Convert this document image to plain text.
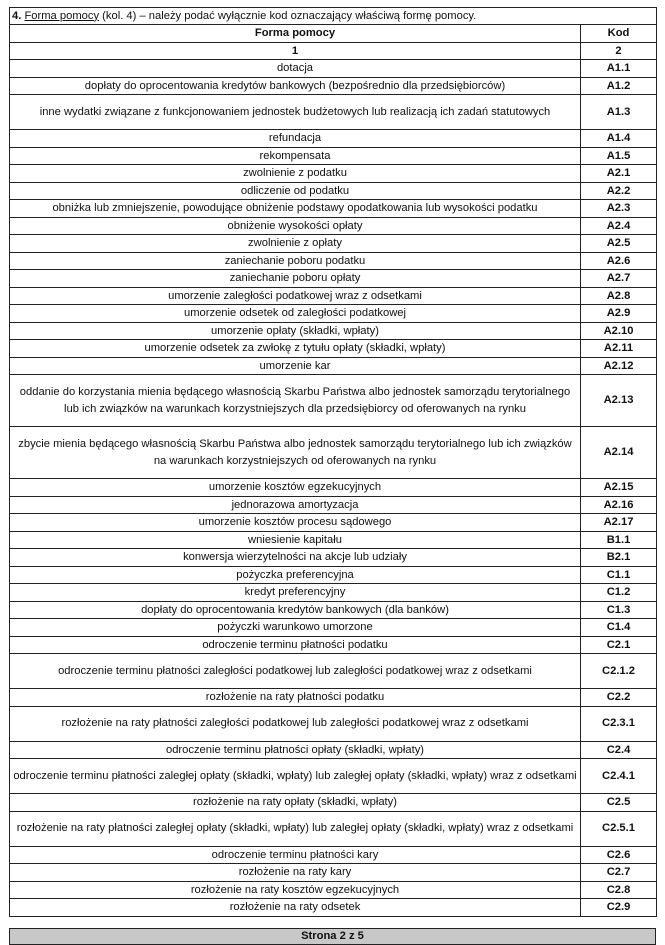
4. Forma pomocy (kol. 4) – należy podać wyłącznie kod oznaczający właściwą formę pomocy.	
Forma pomocy	Kod
1	2
dotacja	A1.1
dopłaty do oprocentowania kredytów bankowych (bezpośrednio dla przedsiębiorców)	A1.2
inne wydatki związane z funkcjonowaniem jednostek budżetowych lub realizacją ich zadań statutowych	A1.3
refundacja	A1.4
rekompensata	A1.5
zwolnienie z podatku	A2.1
odliczenie od podatku	A2.2
obniżka lub zmniejszenie, powodujące obniżenie podstawy opodatkowania lub wysokości podatku	A2.3
obniżenie wysokości opłaty	A2.4
zwolnienie z opłaty	A2.5
zaniechanie poboru podatku	A2.6
zaniechanie poboru opłaty	A2.7
umorzenie zaległości podatkowej wraz z odsetkami	A2.8
umorzenie odsetek od zaległości podatkowej	A2.9
umorzenie opłaty (składki, wpłaty)	A2.10
umorzenie odsetek za zwłokę z tytułu opłaty (składki, wpłaty)	A2.11
umorzenie kar	A2.12
oddanie do korzystania mienia będącego własnością Skarbu Państwa albo jednostek samorządu terytorialnego lub ich związków na warunkach korzystniejszych dla przedsiębiorcy od oferowanych na rynku	A2.13
zbycie mienia będącego własnością Skarbu Państwa albo jednostek samorządu terytorialnego lub ich związków na warunkach korzystniejszych od oferowanych na rynku	A2.14
umorzenie kosztów egzekucyjnych	A2.15
jednorazowa amortyzacja	A2.16
umorzenie kosztów procesu sądowego	A2.17
wniesienie kapitału	B1.1
konwersja wierzytelności na akcje lub udziały	B2.1
pożyczka preferencyjna	C1.1
kredyt preferencyjny	C1.2
dopłaty do oprocentowania kredytów bankowych (dla banków)	C1.3
pożyczki warunkowo umorzone	C1.4
odroczenie terminu płatności podatku	C2.1
odroczenie terminu płatności zaległości podatkowej lub zaległości podatkowej wraz z odsetkami	C2.1.2
rozłożenie na raty płatności podatku	C2.2
rozłożenie na raty płatności zaległości podatkowej lub zaległości podatkowej wraz z odsetkami	C2.3.1
odroczenie terminu płatności opłaty (składki, wpłaty)	C2.4
odroczenie terminu płatności zaległej opłaty (składki, wpłaty) lub zaległej opłaty (składki, wpłaty) wraz z odsetkami	C2.4.1
rozłożenie na raty opłaty (składki, wpłaty)	C2.5
rozłożenie na raty płatności zaległej opłaty (składki, wpłaty) lub zaległej opłaty (składki, wpłaty) wraz z odsetkami	C2.5.1
odroczenie terminu płatności kary	C2.6
rozłożenie na raty kary	C2.7
rozłożenie na raty kosztów egzekucyjnych	C2.8
rozłożenie na raty odsetek	C2.9
Strona 2 z 5
